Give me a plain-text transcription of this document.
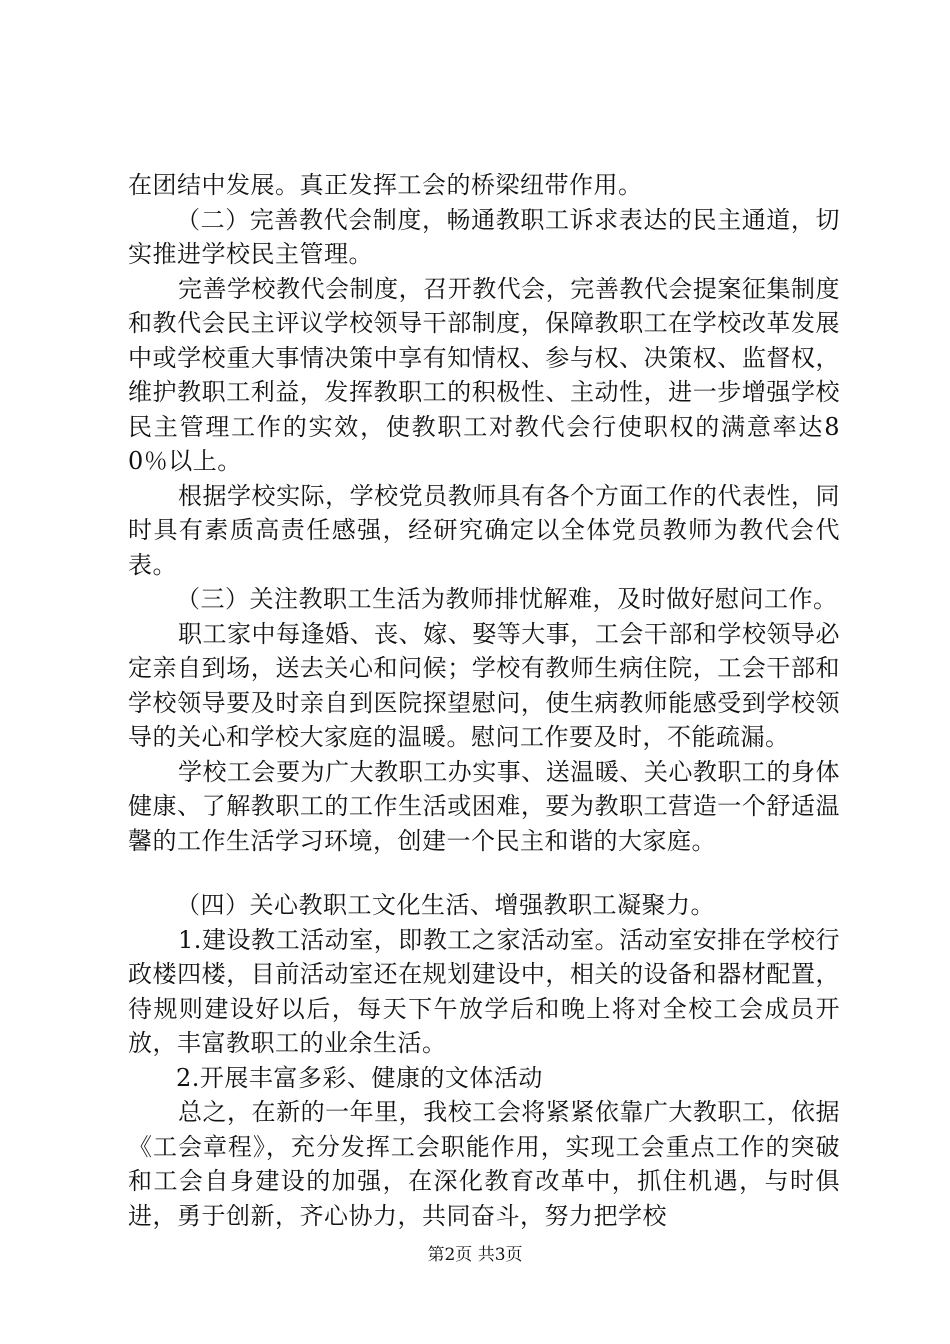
在团结中发展。真正发挥工会的桥梁纽带作用。

（二）完善教代会制度，畅通教职工诉求表达的民主通道，切实推进学校民主管理。

完善学校教代会制度，召开教代会，完善教代会提案征集制度和教代会民主评议学校领导干部制度，保障教职工在学校改革发展中或学校重大事情决策中享有知情权、参与权、决策权、监督权，维护教职工利益，发挥教职工的积极性、主动性，进一步增强学校民主管理工作的实效，使教职工对教代会行使职权的满意率达80％以上。

根据学校实际，学校党员教师具有各个方面工作的代表性，同时具有素质高责任感强，经研究确定以全体党员教师为教代会代表。

（三）关注教职工生活为教师排忧解难，及时做好慰问工作。

职工家中每逢婚、丧、嫁、娶等大事，工会干部和学校领导必定亲自到场，送去关心和问候；学校有教师生病住院，工会干部和学校领导要及时亲自到医院探望慰问，使生病教师能感受到学校领导的关心和学校大家庭的温暖。慰问工作要及时，不能疏漏。

学校工会要为广大教职工办实事、送温暖、关心教职工的身体健康、了解教职工的工作生活或困难，要为教职工营造一个舒适温馨的工作生活学习环境，创建一个民主和谐的大家庭。

（四）关心教职工文化生活、增强教职工凝聚力。

1.建设教工活动室，即教工之家活动室。活动室安排在学校行政楼四楼，目前活动室还在规划建设中，相关的设备和器材配置，待规则建设好以后，每天下午放学后和晚上将对全校工会成员开放，丰富教职工的业余生活。

2.开展丰富多彩、健康的文体活动

总之，在新的一年里，我校工会将紧紧依靠广大教职工，依据《工会章程》，充分发挥工会职能作用，实现工会重点工作的突破和工会自身建设的加强，在深化教育改革中，抓住机遇，与时俱进，勇于创新，齐心协力，共同奋斗，努力把学校

第2页 共3页
